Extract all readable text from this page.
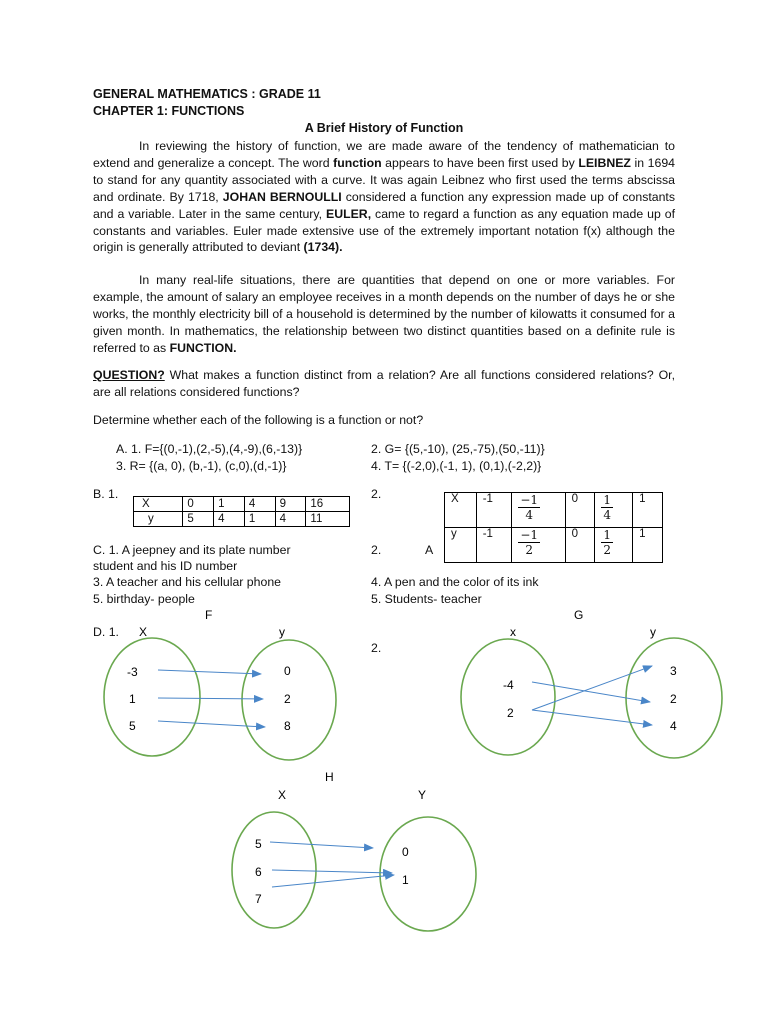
GENERAL MATHEMATICS : GRADE 11
CHAPTER 1: FUNCTIONS
A Brief History of Function
In reviewing the history of function, we are made aware of the tendency of mathematician to extend and generalize a concept. The word function appears to have been first used by LEIBNEZ in 1694 to stand for any quantity associated with a curve. It was again Leibnez who first used the terms abscissa and ordinate. By 1718, JOHAN BERNOULLI considered a function any expression made up of constants and a variable. Later in the same century, EULER, came to regard a function as any equation made up of constants and variables. Euler made extensive use of the extremely important notation f(x) although the origin is generally attributed to deviant (1734).
In many real-life situations, there are quantities that depend on one or more variables. For example, the amount of salary an employee receives in a month depends on the number of days he or she works, the monthly electricity bill of a household is determined by the number of kilowatts it consumed for a given month. In mathematics, the relationship between two distinct quantities based on a definite rule is referred to as FUNCTION.
QUESTION? What makes a function distinct from a relation? Are all functions considered relations? Or, are all relations considered functions?
Determine whether each of the following is a function or not?
A. 1. F={(0,-1),(2,-5),(4,-9),(6,-13)}	2. G= {(5,-10), (25,-75),(50,-11)}
3. R= {(a, 0), (b,-1), (c,0),(d,-1)}	4. T= {(-2,0),(-1, 1), (0,1),(-2,2)}
B. 1.	2.
X	0	1	4	9	16
y	5	4	1	4	11
X	-1	$\frac{-1}{4}$	0	$\frac{1}{4}$	1
y	-1	$\frac{-1}{2}$	0	$\frac{1}{2}$	1
C. 1. A jeepney and its plate number
student and his ID number
2.	A
3. A teacher and his cellular phone	4. A pen and the color of its ink
5. birthday- people	5. Students- teacher
D. 1.
2.
F
X	y
-3
1
5
0
2
8
G
x	y
-4
2
3
2
4
H
X	Y
5
6
7
0
1
